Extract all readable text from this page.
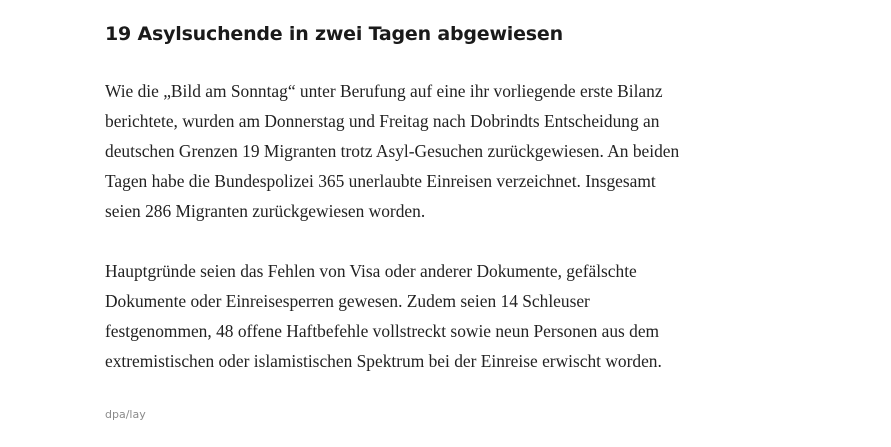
19 Asylsuchende in zwei Tagen abgewiesen

Wie die „Bild am Sonntag“ unter Berufung auf eine ihr vorliegende erste Bilanz
berichtete, wurden am Donnerstag und Freitag nach Dobrindts Entscheidung an
deutschen Grenzen 19 Migranten trotz Asyl-Gesuchen zurückgewiesen. An beiden
Tagen habe die Bundespolizei 365 unerlaubte Einreisen verzeichnet. Insgesamt
seien 286 Migranten zurückgewiesen worden.

Hauptgründe seien das Fehlen von Visa oder anderer Dokumente, gefälschte
Dokumente oder Einreisesperren gewesen. Zudem seien 14 Schleuser
festgenommen, 48 offene Haftbefehle vollstreckt sowie neun Personen aus dem
extremistischen oder islamistischen Spektrum bei der Einreise erwischt worden.

dpa/lay
